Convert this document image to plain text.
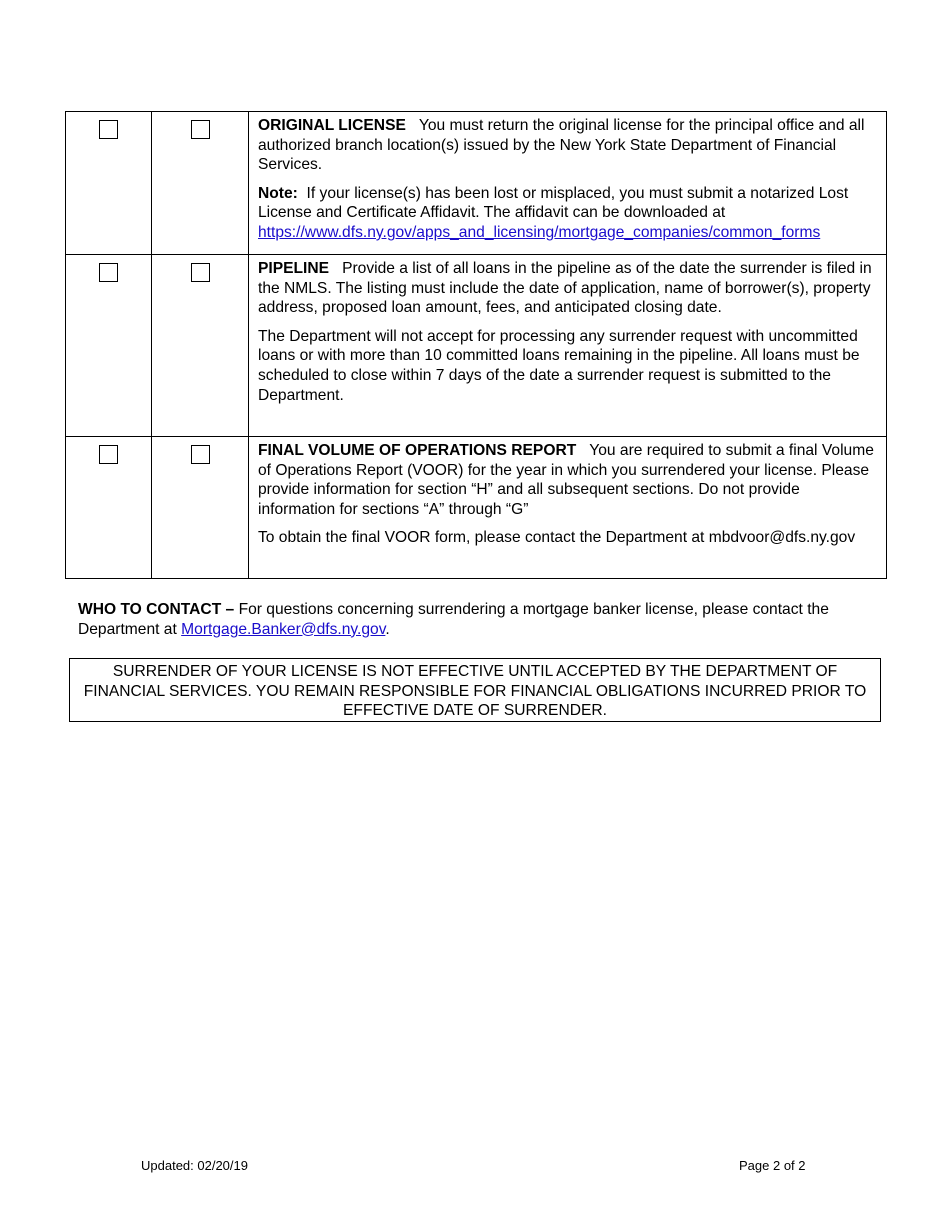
		ORIGINAL LICENSE You must return the original license for the principal office and all authorized branch location(s) issued by the New York State Department of Financial Services.

Note: If your license(s) has been lost or misplaced, you must submit a notarized Lost License and Certificate Affidavit. The affidavit can be downloaded at https://www.dfs.ny.gov/apps_and_licensing/mortgage_companies/common_forms

		PIPELINE Provide a list of all loans in the pipeline as of the date the surrender is filed in the NMLS. The listing must include the date of application, name of borrower(s), property address, proposed loan amount, fees, and anticipated closing date.

The Department will not accept for processing any surrender request with uncommitted loans or with more than 10 committed loans remaining in the pipeline. All loans must be scheduled to close within 7 days of the date a surrender request is submitted to the Department.

		FINAL VOLUME OF OPERATIONS REPORT You are required to submit a final Volume of Operations Report (VOOR) for the year in which you surrendered your license. Please provide information for section “H” and all subsequent sections. Do not provide information for sections “A” through “G”

To obtain the final VOOR form, please contact the Department at mbdvoor@dfs.ny.gov

WHO TO CONTACT – For questions concerning surrendering a mortgage banker license, please contact the Department at Mortgage.Banker@dfs.ny.gov.

SURRENDER OF YOUR LICENSE IS NOT EFFECTIVE UNTIL ACCEPTED BY THE DEPARTMENT OF FINANCIAL SERVICES. YOU REMAIN RESPONSIBLE FOR FINANCIAL OBLIGATIONS INCURRED PRIOR TO EFFECTIVE DATE OF SURRENDER.
Updated: 02/20/19	Page 2 of 2
